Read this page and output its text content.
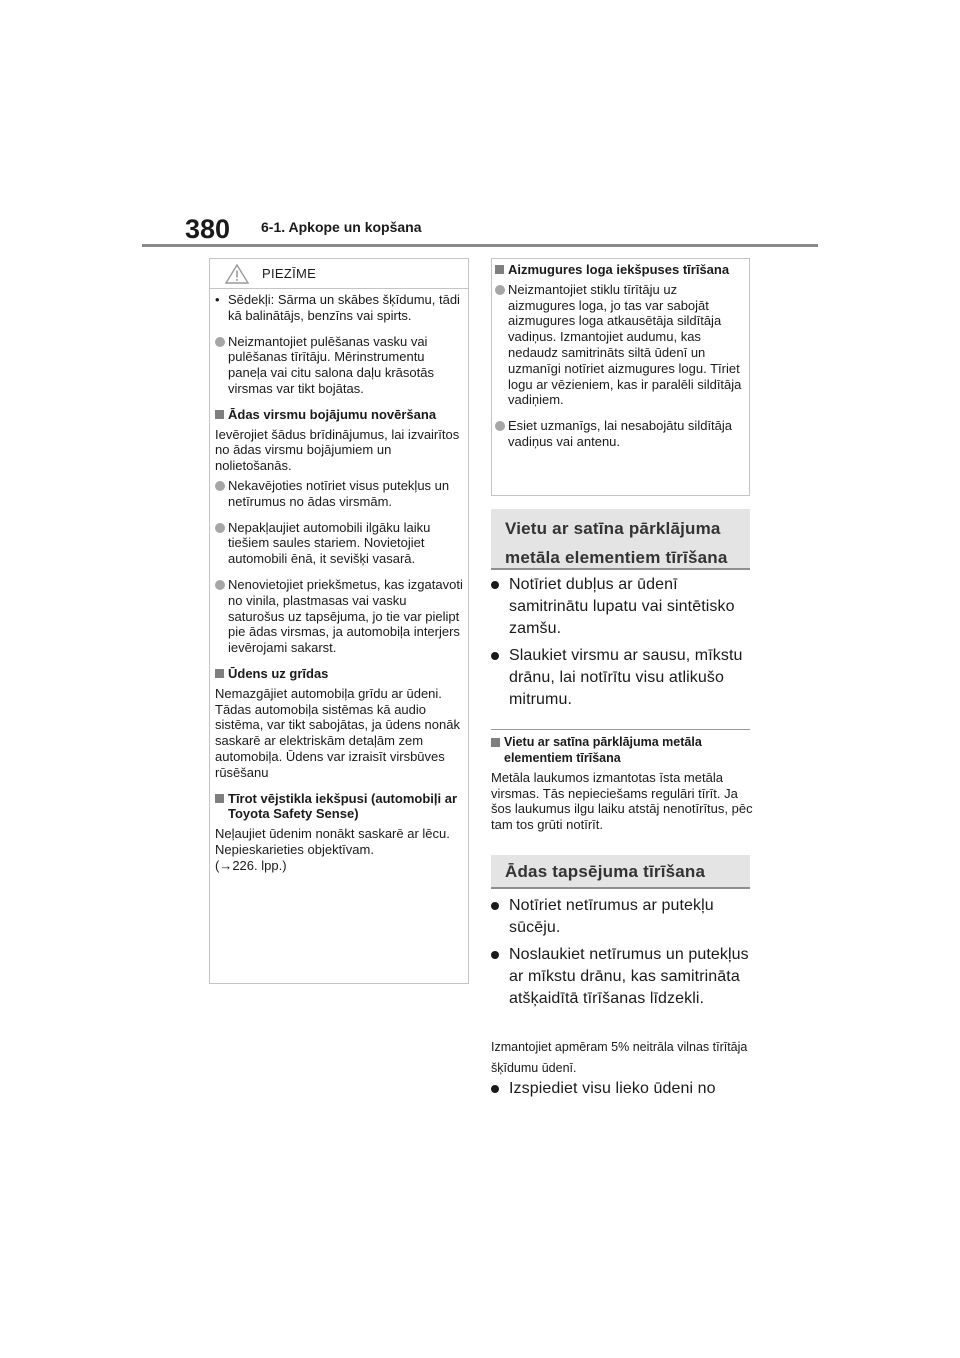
380 6-1. Apkope un kopšana
PIEZĪME
• Sēdekļi: Sārma un skābes šķīdumu, tādi kā balinātājs, benzīns vai spirts.
Neizmantojiet pulēšanas vasku vai pulēšanas tīrītāju. Mērinstrumentu paneļa vai citu salona daļu krāsotās virsmas var tikt bojātas.
Ādas virsmu bojājumu novēršana
Ievērojiet šādus brīdinājumus, lai izvairītos no ādas virsmu bojājumiem un nolietošanās.
Nekavējoties notīriet visus putekļus un netīrumus no ādas virsmām.
Nepakļaujiet automobili ilgāku laiku tiešiem saules stariem. Novietojiet automobili ēnā, it sevišķi vasarā.
Nenovietojiet priekšmetus, kas izgatavoti no vinila, plastmasas vai vasku saturošus uz tapsējuma, jo tie var pielipt pie ādas virsmas, ja automobiļa interjers ievērojami sakarst.
Ūdens uz grīdas
Nemazgājiet automobiļa grīdu ar ūdeni.
Tādas automobiļa sistēmas kā audio sistēma, var tikt sabojātas, ja ūdens nonāk saskarē ar elektriskām detaļām zem automobiļa. Ūdens var izraisīt virsbūves rūsēšanu
Tīrot vējstikla iekšpusi (automobiļi ar Toyota Safety Sense)
Neļaujiet ūdenim nonākt saskarē ar lēcu. Nepieskarieties objektīvam.
(→226. lpp.)
Aizmugures loga iekšpuses tīrīšana
Neizmantojiet stiklu tīrītāju uz aizmugures loga, jo tas var sabojāt aizmugures loga atkausētāja sildītāja vadiņus. Izmantojiet audumu, kas nedaudz samitrināts siltā ūdenī un uzmanīgi notīriet aizmugures logu. Tīriet logu ar vēzieniem, kas ir paralēli sildītāja vadiņiem.
Esiet uzmanīgs, lai nesabojātu sildītāja vadiņus vai antenu.
Vietu ar satīna pārklājuma metāla elementiem tīrīšana
Notīriet dubļus ar ūdenī samitrinātu lupatu vai sintētisko zamšu.
Slaukiet virsmu ar sausu, mīkstu drānu, lai notīrītu visu atlikušo mitrumu.
Vietu ar satīna pārklājuma metāla elementiem tīrīšana
Metāla laukumos izmantotas īsta metāla virsmas. Tās nepieciešams regulāri tīrīt. Ja šos laukumus ilgu laiku atstāj nenotīrītus, pēc tam tos grūti notīrīt.
Ādas tapsējuma tīrīšana
Notīriet netīrumus ar putekļu sūcēju.
Noslaukiet netīrumus un putekļus ar mīkstu drānu, kas samitrināta atšķaidītā tīrīšanas līdzekli.
Izmantojiet apmēram 5% neitrāla vilnas tīrītāja šķīdumu ūdenī.
Izspiediet visu lieko ūdeni no
